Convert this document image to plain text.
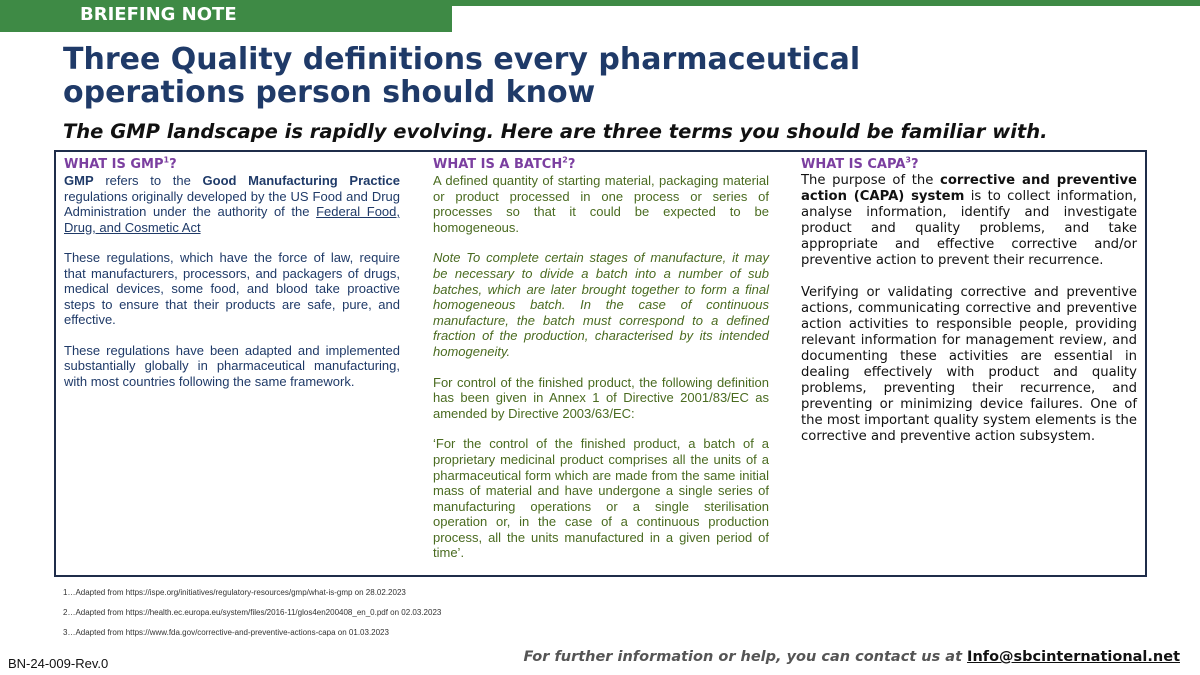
BRIEFING NOTE
Three Quality definitions every pharmaceutical operations person should know
The GMP landscape is rapidly evolving. Here are three terms you should be familiar with.
WHAT IS GMP$^1$?

GMP refers to the Good Manufacturing Practice regulations originally developed by the US Food and Drug Administration under the authority of the Federal Food, Drug, and Cosmetic Act

These regulations, which have the force of law, require that manufacturers, processors, and packagers of drugs, medical devices, some food, and blood take proactive steps to ensure that their products are safe, pure, and effective.

These regulations have been adapted and implemented substantially globally in pharmaceutical manufacturing, with most countries following the same framework.

WHAT IS A BATCH$^2$?

A defined quantity of starting material, packaging material or product processed in one process or series of processes so that it could be expected to be homogeneous.

Note To complete certain stages of manufacture, it may be necessary to divide a batch into a number of sub batches, which are later brought together to form a final homogeneous batch. In the case of continuous manufacture, the batch must correspond to a defined fraction of the production, characterised by its intended homogeneity.

For control of the finished product, the following definition has been given in Annex 1 of Directive 2001/83/EC as amended by Directive 2003/63/EC:

‘For the control of the finished product, a batch of a proprietary medicinal product comprises all the units of a pharmaceutical form which are made from the same initial mass of material and have undergone a single series of manufacturing operations or a single sterilisation operation or, in the case of a continuous production process, all the units manufactured in a given period of time’.

WHAT IS CAPA$^3$?

The purpose of the corrective and preventive action (CAPA) system is to collect information, analyse information, identify and investigate product and quality problems, and take appropriate and effective corrective and/or preventive action to prevent their recurrence.

Verifying or validating corrective and preventive actions, communicating corrective and preventive action activities to responsible people, providing relevant information for management review, and documenting these activities are essential in dealing effectively with product and quality problems, preventing their recurrence, and preventing or minimizing device failures. One of the most important quality system elements is the corrective and preventive action subsystem.

1…Adapted from https://ispe.org/initiatives/regulatory-resources/gmp/what-is-gmp on 28.02.2023
2…Adapted from https://health.ec.europa.eu/system/files/2016-11/glos4en200408_en_0.pdf on 02.03.2023
3…Adapted from https://www.fda.gov/corrective-and-preventive-actions-capa on 01.03.2023
BN-24-009-Rev.0	For further information or help, you can contact us at Info@sbcinternational.net
